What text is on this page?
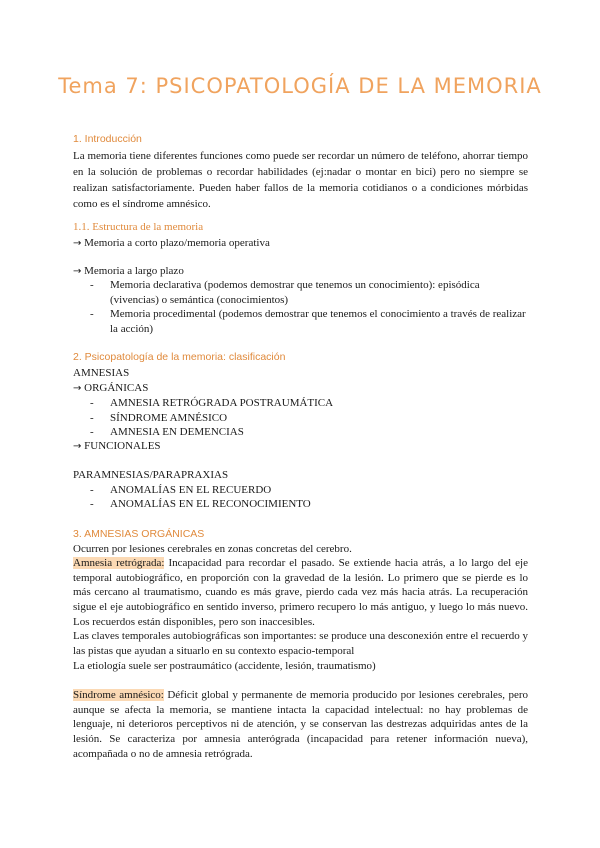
Tema 7: PSICOPATOLOGÍA DE LA MEMORIA
1. Introducción
La memoria tiene diferentes funciones como puede ser recordar un número de teléfono, ahorrar tiempo en la solución de problemas o recordar habilidades (ej:nadar o montar en bici) pero no siempre se realizan satisfactoriamente. Pueden haber fallos de la memoria cotidianos o a condiciones mórbidas como es el síndrome amnésico.
1.1. Estructura de la memoria
→ Memoria a corto plazo/memoria operativa
→ Memoria a largo plazo
- Memoria declarativa (podemos demostrar que tenemos un conocimiento): episódica (vivencias) o semántica (conocimientos)
- Memoria procedimental (podemos demostrar que tenemos el conocimiento a través de realizar la acción)
2. Psicopatología de la memoria: clasificación
AMNESIAS
→ ORGÁNICAS
- AMNESIA RETRÓGRADA POSTRAUMÁTICA
- SÍNDROME AMNÉSICO
- AMNESIA EN DEMENCIAS
→ FUNCIONALES
PARAMNESIAS/PARAPRAXIAS
- ANOMALÍAS EN EL RECUERDO
- ANOMALÍAS EN EL RECONOCIMIENTO
3. AMNESIAS ORGÁNICAS
Ocurren por lesiones cerebrales en zonas concretas del cerebro.
Amnesia retrógrada: Incapacidad para recordar el pasado. Se extiende hacia atrás, a lo largo del eje temporal autobiográfico, en proporción con la gravedad de la lesión. Lo primero que se pierde es lo más cercano al traumatismo, cuando es más grave, pierdo cada vez más hacia atrás. La recuperación sigue el eje autobiográfico en sentido inverso, primero recupero lo más antiguo, y luego lo más nuevo. Los recuerdos están disponibles, pero son inaccesibles.
Las claves temporales autobiográficas son importantes: se produce una desconexión entre el recuerdo y las pistas que ayudan a situarlo en su contexto espacio-temporal
La etiología suele ser postraumático (accidente, lesión, traumatismo)
Síndrome amnésico: Déficit global y permanente de memoria producido por lesiones cerebrales, pero aunque se afecta la memoria, se mantiene intacta la capacidad intelectual: no hay problemas de lenguaje, ni deterioros perceptivos ni de atención, y se conservan las destrezas adquiridas antes de la lesión. Se caracteriza por amnesia anterógrada (incapacidad para retener información nueva), acompañada o no de amnesia retrógrada.
